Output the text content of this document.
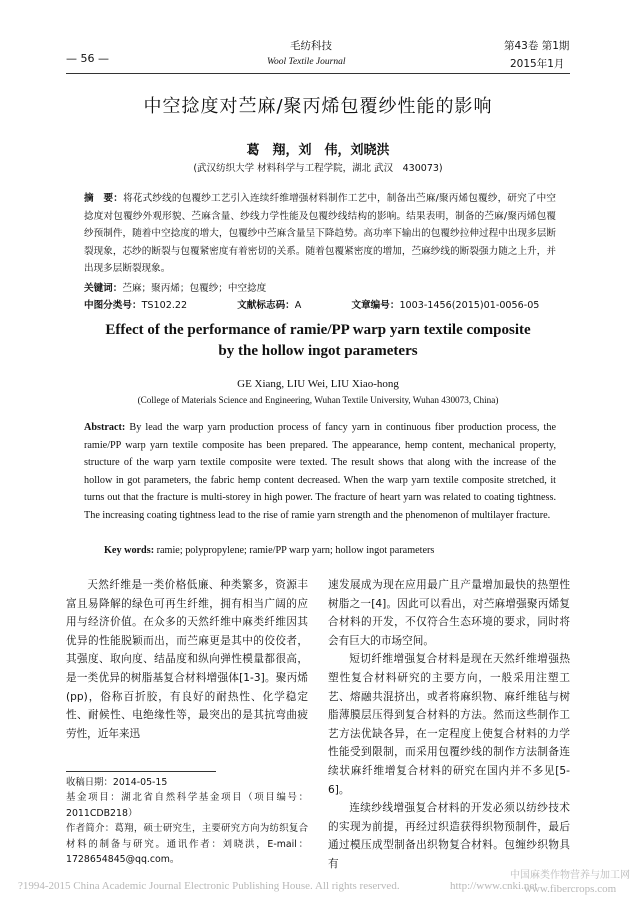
— 56 —
毛纺科技
Wool Textile Journal
第43卷 第1期
2015年1月
中空捻度对苎麻/聚丙烯包覆纱性能的影响
葛　翔，刘　伟，刘晓洪
(武汉纺织大学 材料科学与工程学院，湖北 武汉　430073)
摘　要：将花式纱线的包覆纱工艺引入连续纤维增强材料制作工艺中，制备出苎麻/聚丙烯包覆纱，研究了中空捻度对包覆纱外观形貌、苎麻含量、纱线力学性能及包覆纱线结构的影响。结果表明，制备的苎麻/聚丙烯包覆纱预制件，随着中空捻度的增大，包覆纱中苎麻含量呈下降趋势。高功率下输出的包覆纱拉伸过程中出现多层断裂现象，芯纱的断裂与包覆紧密度有着密切的关系。随着包覆紧密度的增加，苎麻纱线的断裂强力随之上升，并出现多层断裂现象。
关键词：苎麻；聚丙烯；包覆纱；中空捻度
中图分类号：TS102.22	文献标志码：A	文章编号：1003-1456(2015)01-0056-05
Effect of the performance of ramie/PP warp yarn textile composite
by the hollow ingot parameters
GE Xiang, LIU Wei, LIU Xiao-hong
(College of Materials Science and Engineering, Wuhan Textile University, Wuhan 430073, China)
Abstract: By lead the warp yarn production process of fancy yarn in continuous fiber production process, the ramie/PP warp yarn textile composite has been prepared. The appearance, hemp content, mechanical property, structure of the warp yarn textile composite were texted. The result shows that along with the increase of the hollow in got parameters, the fabric hemp content decreased. When the warp yarn textile composite stretched, it turns out that the fracture is multi-storey in high power. The fracture of heart yarn was related to coating tightness. The increasing coating tightness lead to the rise of ramie yarn strength and the phenomenon of multilayer fracture.
Key words: ramie; polypropylene; ramie/PP warp yarn; hollow ingot parameters

天然纤维是一类价格低廉、种类繁多，资源丰富且易降解的绿色可再生纤维，拥有相当广阔的应用与经济价值。在众多的天然纤维中麻类纤维因其优异的性能脱颖而出，而苎麻更是其中的佼佼者，其强度、取向度、结晶度和纵向弹性模量都很高，是一类优异的树脂基复合材料增强体[1-3]。聚丙烯(pp)，俗称百折胶，有良好的耐热性、化学稳定性、耐候性、电绝缘性等，最突出的是其抗弯曲疲劳性，近年来迅

速发展成为现在应用最广且产量增加最快的热塑性树脂之一[4]。因此可以看出，对苎麻增强聚丙烯复合材料的开发，不仅符合生态环境的要求，同时将会有巨大的市场空间。

短切纤维增强复合材料是现在天然纤维增强热塑性复合材料研究的主要方向，一般采用注塑工艺、熔融共混挤出，或者将麻织物、麻纤维毡与树脂薄膜层压得到复合材料的方法。然而这些制作工艺方法优缺各异，在一定程度上使复合材料的力学性能受到限制，而采用包覆纱线的制作方法制备连续状麻纤维增复合材料的研究在国内并不多见[5-6]。

连续纱线增强复合材料的开发必须以纺纱技术的实现为前提，再经过织造获得织物预制件，最后通过模压成型制备出织物复合材料。包缠纱织物具有

收稿日期：2014-05-15
基金项目：湖北省自然科学基金项目（项目编号：2011CDB218）
作者简介：葛翔，硕士研究生，主要研究方向为纺织复合材料的制备与研究。通讯作者：刘晓洪，E-mail：1728654845@qq.com。
?1994-2015 China Academic Journal Electronic Publishing House. All rights reserved.	http://www.cnki.net
中国麻类作物营养与加工网
www.fibercrops.com
